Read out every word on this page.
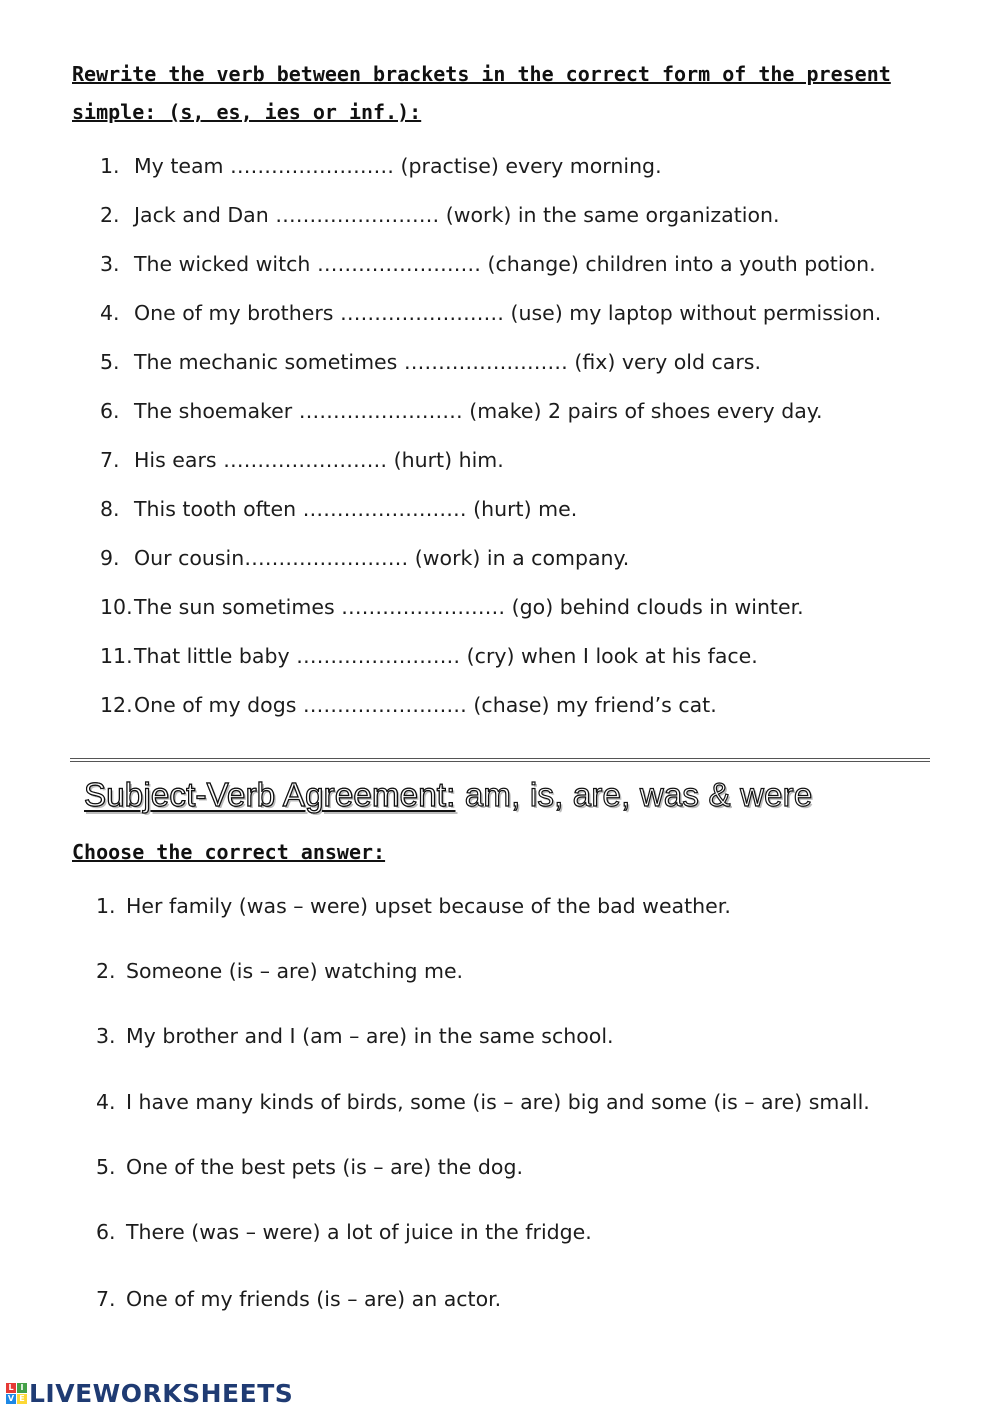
Rewrite the verb between brackets in the correct form of the present
simple: (s, es, ies or inf.):
1. My team …………………… (practise) every morning.
2. Jack and Dan …………………… (work) in the same organization.
3. The wicked witch …………………… (change) children into a youth potion.
4. One of my brothers …………………… (use) my laptop without permission.
5. The mechanic sometimes …………………… (fix) very old cars.
6. The shoemaker …………………… (make) 2 pairs of shoes every day.
7. His ears …………………… (hurt) him.
8. This tooth often …………………… (hurt) me.
9. Our cousin…………………… (work) in a company.
10.The sun sometimes …………………… (go) behind clouds in winter.
11.That little baby …………………… (cry) when I look at his face.
12.One of my dogs …………………… (chase) my friend’s cat.
Subject-Verb Agreement: am, is, are, was & were
Choose the correct answer:
1. Her family (was – were) upset because of the bad weather.
2. Someone (is – are) watching me.
3. My brother and I (am – are) in the same school.
4. I have many kinds of birds, some (is – are) big and some (is – are) small.
5. One of the best pets (is – are) the dog.
6. There (was – were) a lot of juice in the fridge.
7. One of my friends (is – are) an actor.
L I
V E LIVEWORKSHEETS
